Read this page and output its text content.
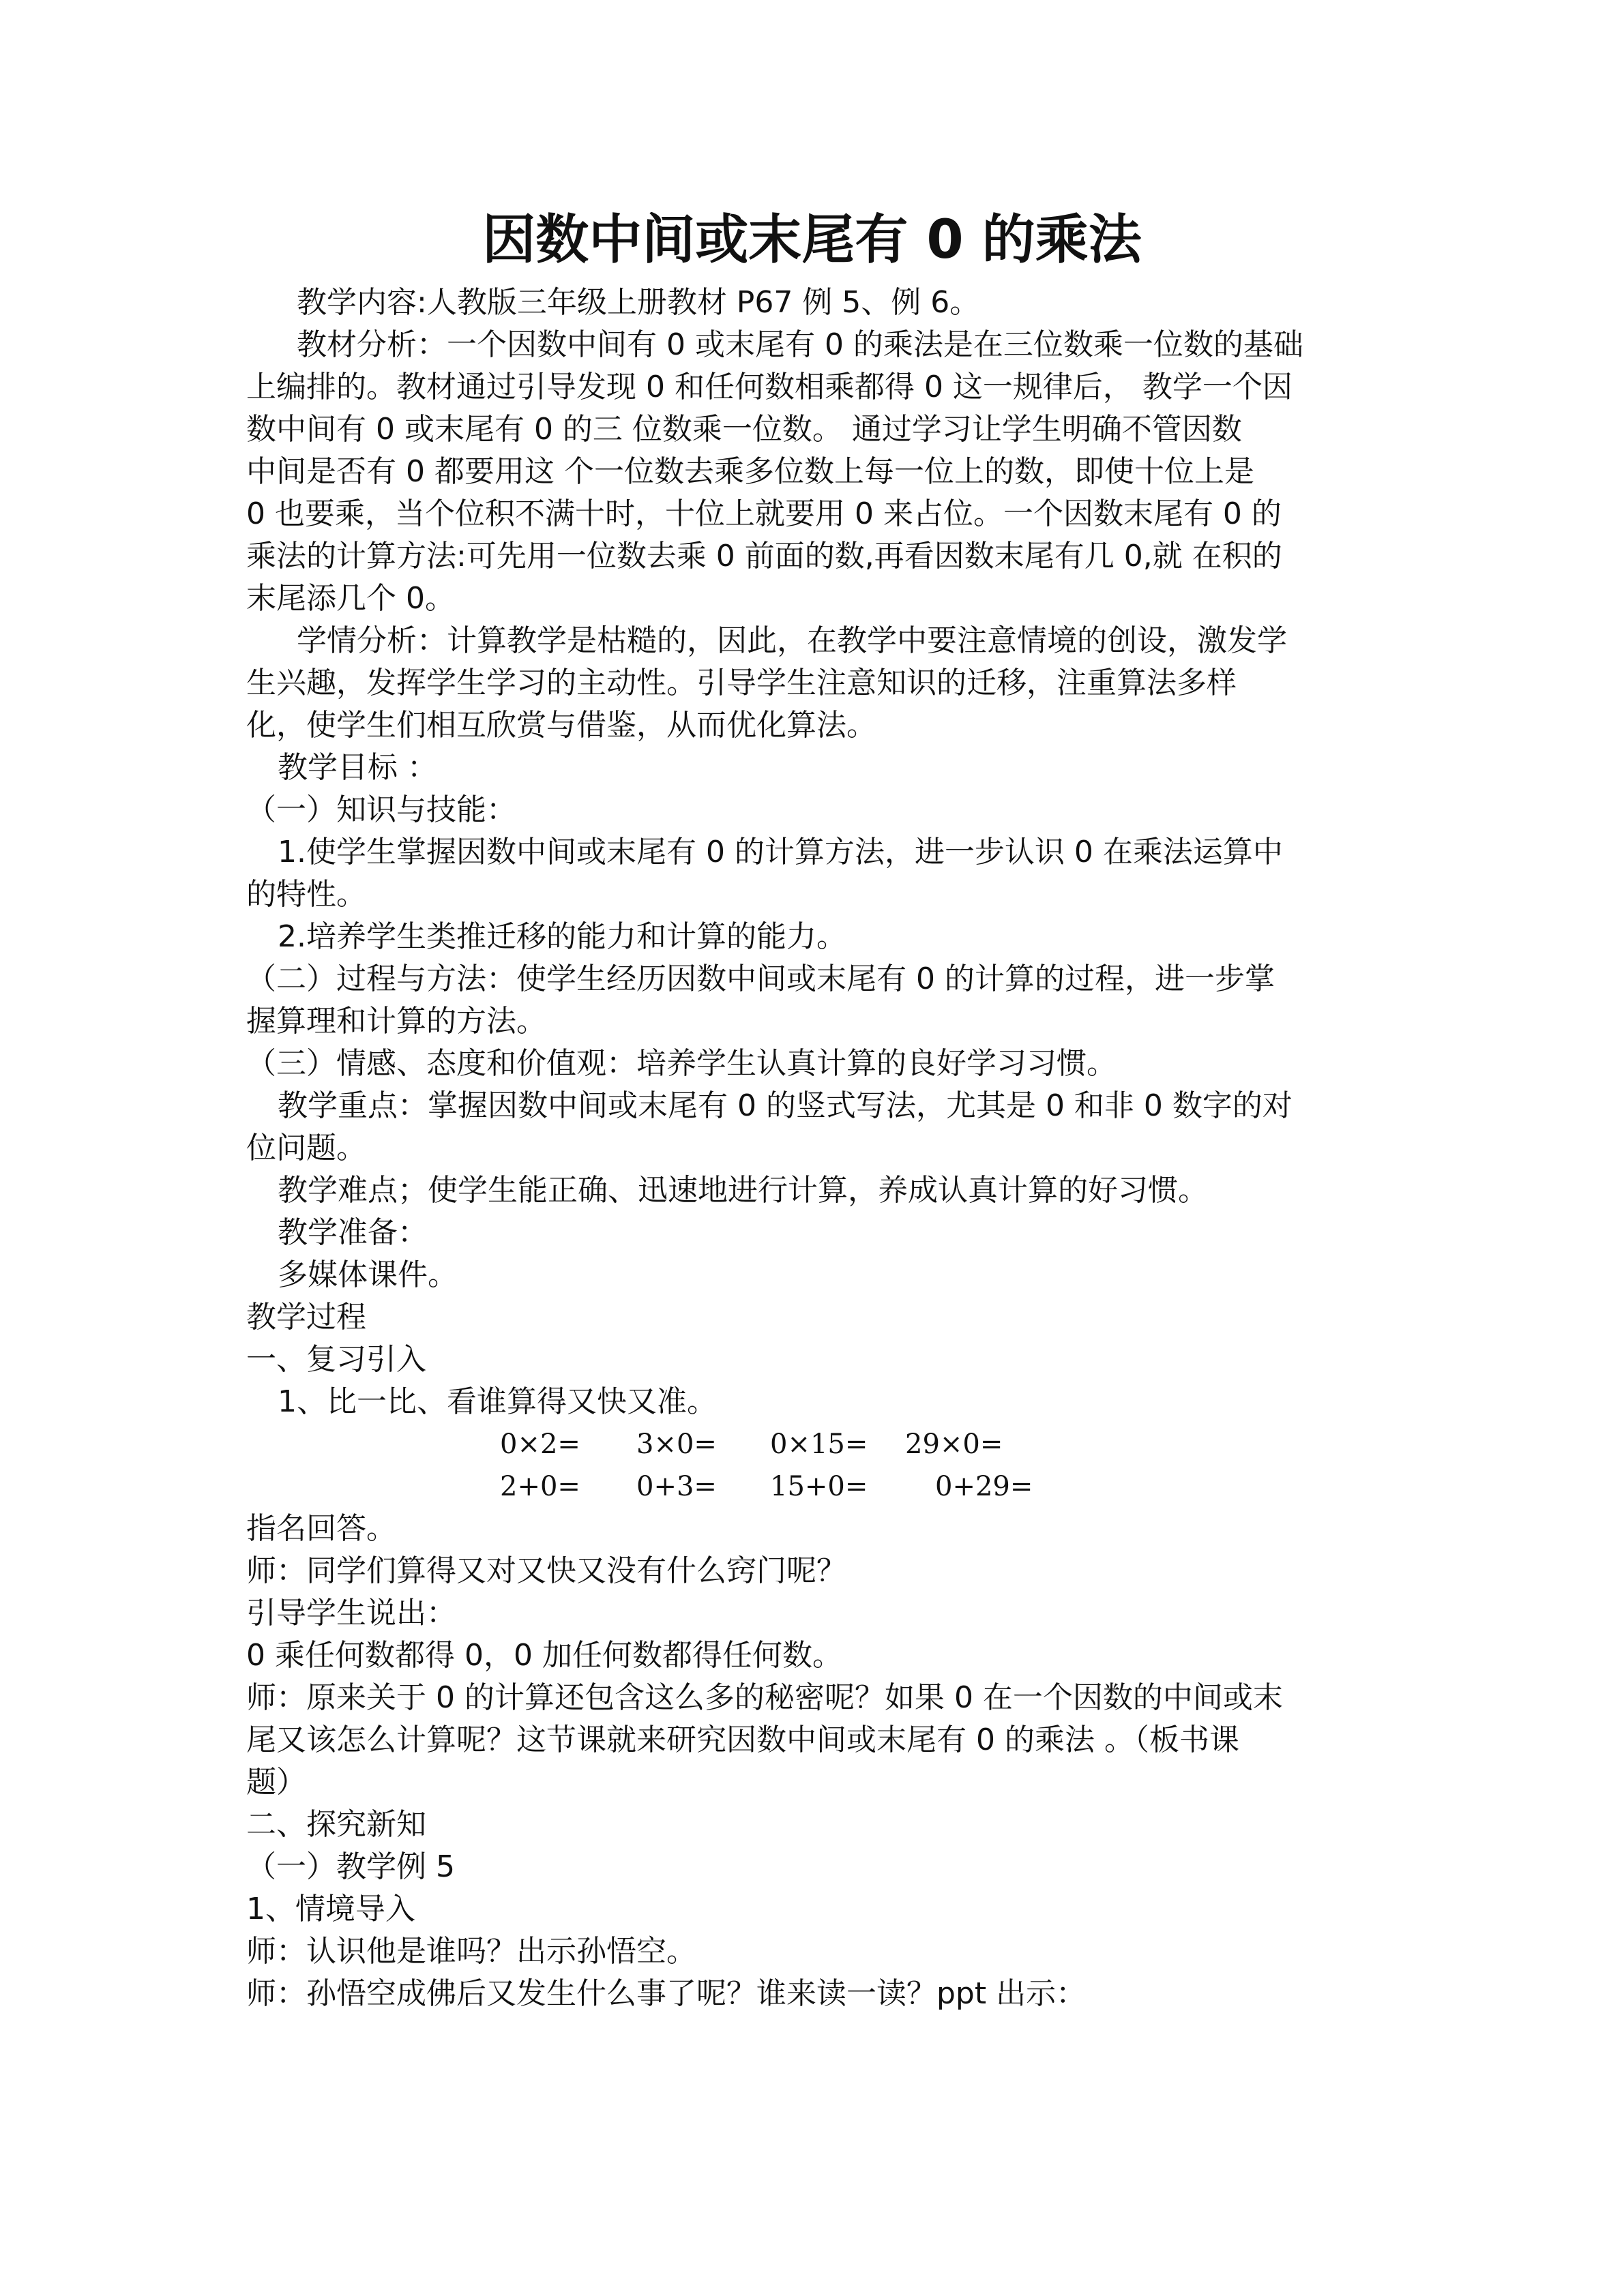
因数中间或末尾有 0 的乘法

教学内容:人教版三年级上册教材 P67 例 5、例 6。

教材分析：一个因数中间有 0 或末尾有 0 的乘法是在三位数乘一位数的基础

上编排的。教材通过引导发现 0 和任何数相乘都得 0 这一规律后， 教学一个因

数中间有 0 或末尾有 0 的三 位数乘一位数。 通过学习让学生明确不管因数

中间是否有 0 都要用这 个一位数去乘多位数上每一位上的数，即使十位上是

0 也要乘，当个位积不满十时，十位上就要用 0 来占位。一个因数末尾有 0 的

乘法的计算方法:可先用一位数去乘 0 前面的数,再看因数末尾有几 0,就 在积的

末尾添几个 0。

学情分析：计算教学是枯糙的，因此，在教学中要注意情境的创设，激发学

生兴趣，发挥学生学习的主动性。引导学生注意知识的迁移，注重算法多样

化，使学生们相互欣赏与借鉴，从而优化算法。

教学目标 ：

（一）知识与技能：

1.使学生掌握因数中间或末尾有 0 的计算方法，进一步认识 0 在乘法运算中

的特性。

2.培养学生类推迁移的能力和计算的能力。

（二）过程与方法：使学生经历因数中间或末尾有 0 的计算的过程，进一步掌

握算理和计算的方法。

（三）情感、态度和价值观：培养学生认真计算的良好学习习惯。

教学重点：掌握因数中间或末尾有 0 的竖式写法，尤其是 0 和非 0 数字的对

位问题。

教学难点；使学生能正确、迅速地进行计算，养成认真计算的好习惯。

教学准备：

多媒体课件。

教学过程

一、复习引入

1、比一比、看谁算得又快又准。

0×2= 3×0= 0×15= 29×0=
2+0= 0+3= 15+0= 0+29=

指名回答。

师：同学们算得又对又快又没有什么窍门呢？

引导学生说出：

0 乘任何数都得 0，0 加任何数都得任何数。

师：原来关于 0 的计算还包含这么多的秘密呢？如果 0 在一个因数的中间或末

尾又该怎么计算呢？这节课就来研究因数中间或末尾有 0 的乘法 。（板书课

题）

二、探究新知

（一）教学例 5

1、情境导入

师：认识他是谁吗？出示孙悟空。

师：孙悟空成佛后又发生什么事了呢？谁来读一读？ppt 出示：
